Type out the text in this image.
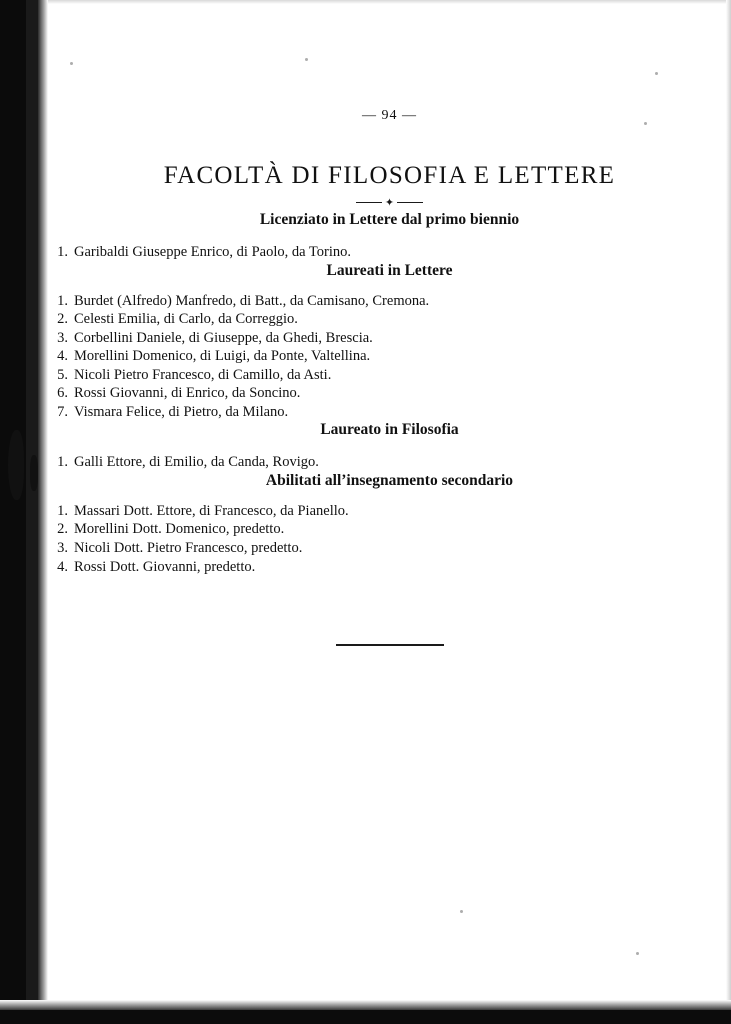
— 94 —
FACOLTÀ DI FILOSOFIA E LETTERE
✦
Licenziato in Lettere dal primo biennio
1. Garibaldi Giuseppe Enrico, di Paolo, da Torino.
Laureati in Lettere
1. Burdet (Alfredo) Manfredo, di Batt., da Camisano, Cremona.
2. Celesti Emilia, di Carlo, da Correggio.
3. Corbellini Daniele, di Giuseppe, da Ghedi, Brescia.
4. Morellini Domenico, di Luigi, da Ponte, Valtellina.
5. Nicoli Pietro Francesco, di Camillo, da Asti.
6. Rossi Giovanni, di Enrico, da Soncino.
7. Vismara Felice, di Pietro, da Milano.
Laureato in Filosofia
1. Galli Ettore, di Emilio, da Canda, Rovigo.
Abilitati all’insegnamento secondario
1. Massari Dott. Ettore, di Francesco, da Pianello.
2. Morellini Dott. Domenico, predetto.
3. Nicoli Dott. Pietro Francesco, predetto.
4. Rossi Dott. Giovanni, predetto.
